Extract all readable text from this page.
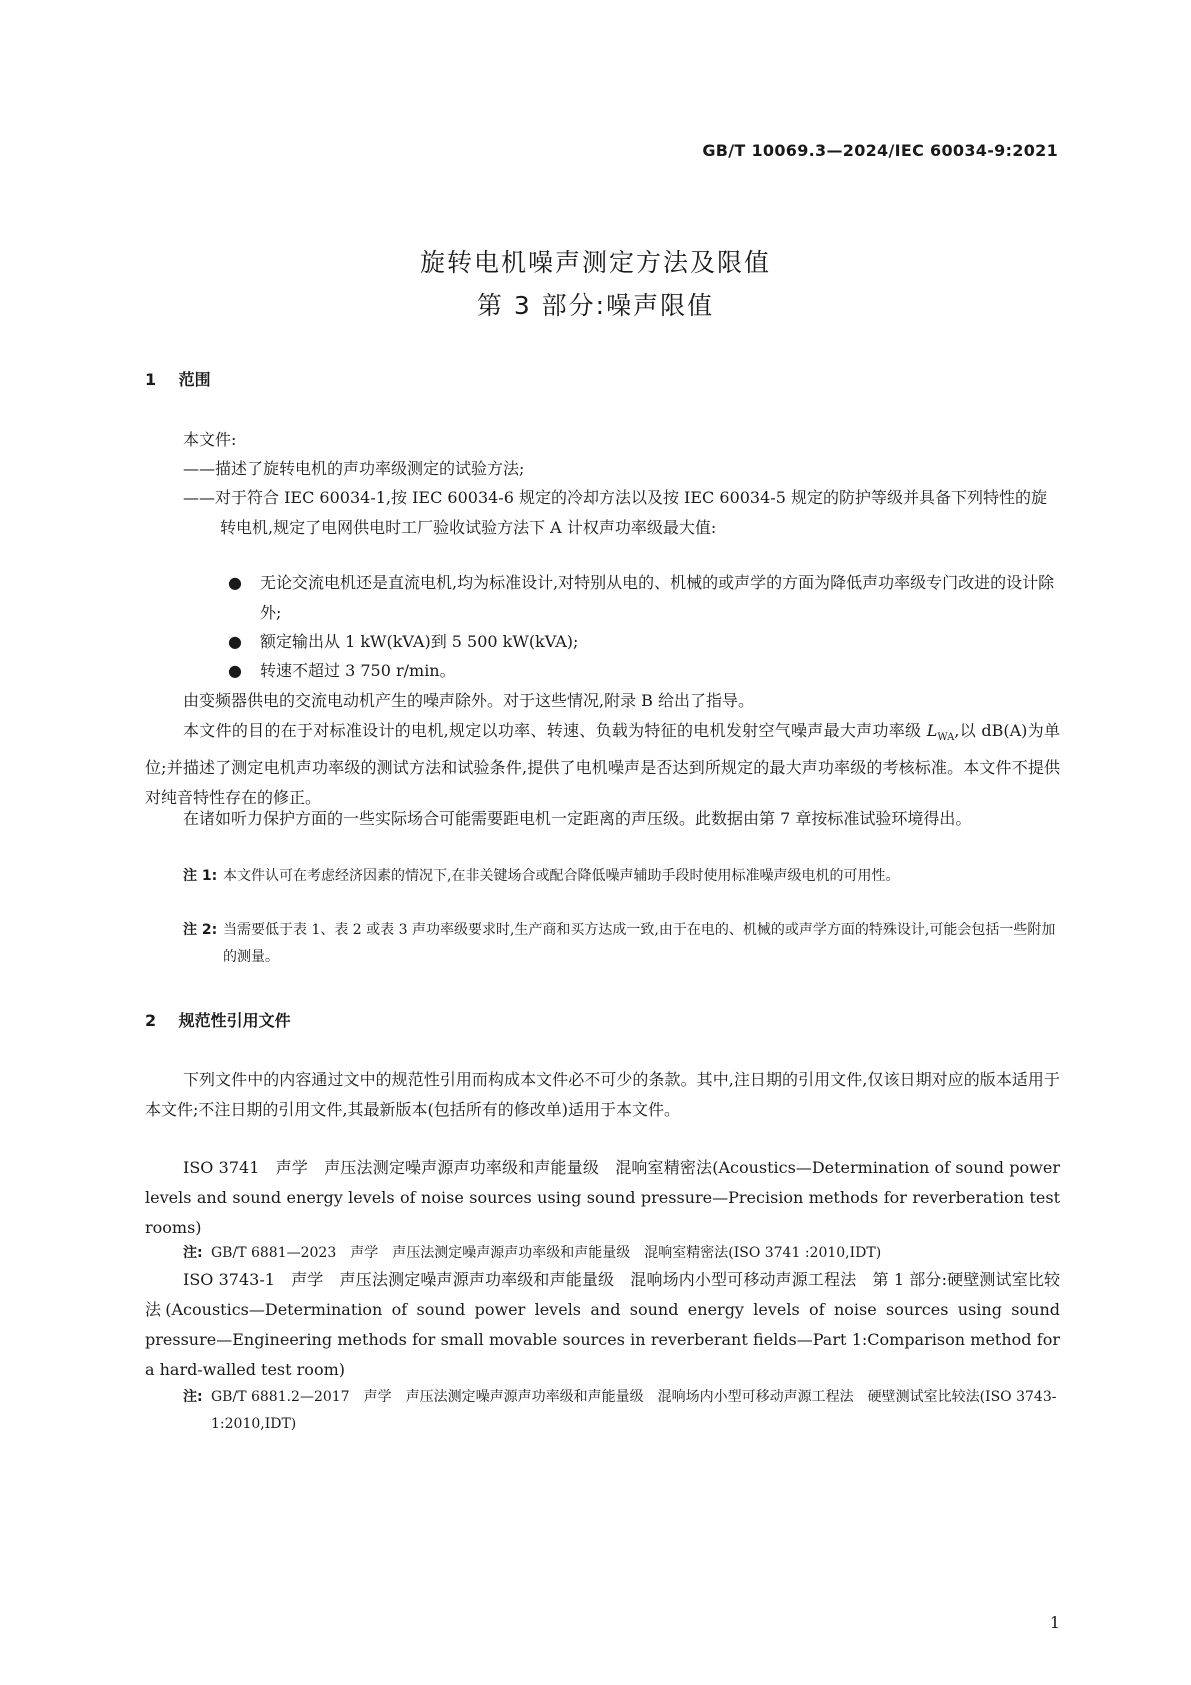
GB/T 10069.3—2024/IEC 60034-9:2021
旋转电机噪声测定方法及限值
第 3 部分:噪声限值
1 范围
本文件:
——描述了旋转电机的声功率级测定的试验方法;
——对于符合 IEC 60034-1,按 IEC 60034-6 规定的冷却方法以及按 IEC 60034-5 规定的防护等级并具备下列特性的旋转电机,规定了电网供电时工厂验收试验方法下 A 计权声功率级最大值:
● 无论交流电机还是直流电机,均为标准设计,对特别从电的、机械的或声学的方面为降低声功率级专门改进的设计除外;
● 额定输出从 1 kW(kVA)到 5 500 kW(kVA);
● 转速不超过 3 750 r/min。
由变频器供电的交流电动机产生的噪声除外。对于这些情况,附录 B 给出了指导。
本文件的目的在于对标准设计的电机,规定以功率、转速、负载为特征的电机发射空气噪声最大声功率级 $L_{WA}$,以 dB(A)为单位;并描述了测定电机声功率级的测试方法和试验条件,提供了电机噪声是否达到所规定的最大声功率级的考核标准。本文件不提供对纯音特性存在的修正。
在诸如听力保护方面的一些实际场合可能需要距电机一定距离的声压级。此数据由第 7 章按标准试验环境得出。
注 1: 本文件认可在考虑经济因素的情况下,在非关键场合或配合降低噪声辅助手段时使用标准噪声级电机的可用性。
注 2: 当需要低于表 1、表 2 或表 3 声功率级要求时,生产商和买方达成一致,由于在电的、机械的或声学方面的特殊设计,可能会包括一些附加的测量。
2 规范性引用文件
下列文件中的内容通过文中的规范性引用而构成本文件必不可少的条款。其中,注日期的引用文件,仅该日期对应的版本适用于本文件;不注日期的引用文件,其最新版本(包括所有的修改单)适用于本文件。
ISO 3741　声学　声压法测定噪声源声功率级和声能量级　混响室精密法(Acoustics—Determination of sound power levels and sound energy levels of noise sources using sound pressure—Precision methods for reverberation test rooms)
注: GB/T 6881—2023　声学　声压法测定噪声源声功率级和声能量级　混响室精密法(ISO 3741 :2010,IDT)
ISO 3743-1　声学　声压法测定噪声源声功率级和声能量级　混响场内小型可移动声源工程法　第 1 部分:硬壁测试室比较法(Acoustics—Determination of sound power levels and sound energy levels of noise sources using sound pressure—Engineering methods for small movable sources in reverberant fields—Part 1:Comparison method for a hard-walled test room)
注: GB/T 6881.2—2017　声学　声压法测定噪声源声功率级和声能量级　混响场内小型可移动声源工程法　硬壁测试室比较法(ISO 3743-1:2010,IDT)
1
